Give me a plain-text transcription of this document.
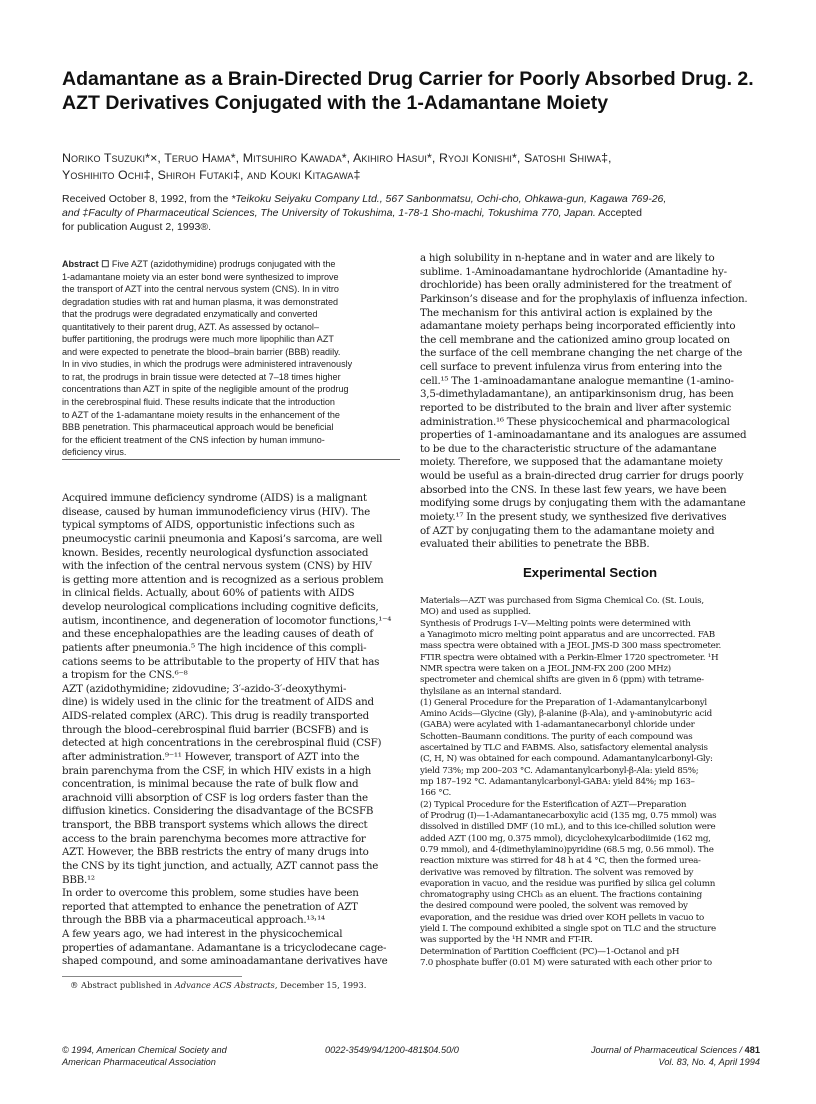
Adamantane as a Brain-Directed Drug Carrier for Poorly Absorbed Drug. 2.
AZT Derivatives Conjugated with the 1-Adamantane Moiety
Noriko Tsuzuki*×, Teruo Hama*, Mitsuhiro Kawada*, Akihiro Hasui*, Ryoji Konishi*, Satoshi Shiwa‡,
Yoshihito Ochi‡, Shiroh Futaki‡, and Kouki Kitagawa‡
Received October 8, 1992, from the *Teikoku Seiyaku Company Ltd., 567 Sanbonmatsu, Ochi-cho, Ohkawa-gun, Kagawa 769-26,
and ‡Faculty of Pharmaceutical Sciences, The University of Tokushima, 1-78-1 Sho-machi, Tokushima 770, Japan. Accepted
for publication August 2, 1993®.
Abstract ☐ Five AZT (azidothymidine) prodrugs conjugated with the
1-adamantane moiety via an ester bond were synthesized to improve
the transport of AZT into the central nervous system (CNS). In in vitro
degradation studies with rat and human plasma, it was demonstrated
that the prodrugs were degradated enzymatically and converted
quantitatively to their parent drug, AZT. As assessed by octanol–
buffer partitioning, the prodrugs were much more lipophilic than AZT
and were expected to penetrate the blood–brain barrier (BBB) readily.
In in vivo studies, in which the prodrugs were administered intravenously
to rat, the prodrugs in brain tissue were detected at 7–18 times higher
concentrations than AZT in spite of the negligible amount of the prodrug
in the cerebrospinal fluid. These results indicate that the introduction
to AZT of the 1-adamantane moiety results in the enhancement of the
BBB penetration. This pharmaceutical approach would be beneficial
for the efficient treatment of the CNS infection by human immuno-
deficiency virus.
Acquired immune deficiency syndrome (AIDS) is a malignant
disease, caused by human immunodeficiency virus (HIV). The
typical symptoms of AIDS, opportunistic infections such as
pneumocystic carinii pneumonia and Kaposi’s sarcoma, are well
known. Besides, recently neurological dysfunction associated
with the infection of the central nervous system (CNS) by HIV
is getting more attention and is recognized as a serious problem
in clinical fields. Actually, about 60% of patients with AIDS
develop neurological complications including cognitive deficits,
autism, incontinence, and degeneration of locomotor functions,¹⁻⁴
and these encephalopathies are the leading causes of death of
patients after pneumonia.⁵ The high incidence of this compli-
cations seems to be attributable to the property of HIV that has
a tropism for the CNS.⁶⁻⁸
AZT (azidothymidine; zidovudine; 3′-azido-3′-deoxythymi-
dine) is widely used in the clinic for the treatment of AIDS and
AIDS-related complex (ARC). This drug is readily transported
through the blood–cerebrospinal fluid barrier (BCSFB) and is
detected at high concentrations in the cerebrospinal fluid (CSF)
after administration.⁹⁻¹¹ However, transport of AZT into the
brain parenchyma from the CSF, in which HIV exists in a high
concentration, is minimal because the rate of bulk flow and
arachnoid villi absorption of CSF is log orders faster than the
diffusion kinetics. Considering the disadvantage of the BCSFB
transport, the BBB transport systems which allows the direct
access to the brain parenchyma becomes more attractive for
AZT. However, the BBB restricts the entry of many drugs into
the CNS by its tight junction, and actually, AZT cannot pass the
BBB.¹²
In order to overcome this problem, some studies have been
reported that attempted to enhance the penetration of AZT
through the BBB via a pharmaceutical approach.¹³˒¹⁴
A few years ago, we had interest in the physicochemical
properties of adamantane. Adamantane is a tricyclodecane cage-
shaped compound, and some aminoadamantane derivatives have
® Abstract published in Advance ACS Abstracts, December 15, 1993.
a high solubility in n-heptane and in water and are likely to
sublime. 1-Aminoadamantane hydrochloride (Amantadine hy-
drochloride) has been orally administered for the treatment of
Parkinson’s disease and for the prophylaxis of influenza infection.
The mechanism for this antiviral action is explained by the
adamantane moiety perhaps being incorporated efficiently into
the cell membrane and the cationized amino group located on
the surface of the cell membrane changing the net charge of the
cell surface to prevent infulenza virus from entering into the
cell.¹⁵ The 1-aminoadamantane analogue memantine (1-amino-
3,5-dimethyladamantane), an antiparkinsonism drug, has been
reported to be distributed to the brain and liver after systemic
administration.¹⁶ These physicochemical and pharmacological
properties of 1-aminoadamantane and its analogues are assumed
to be due to the characteristic structure of the adamantane
moiety. Therefore, we supposed that the adamantane moiety
would be useful as a brain-directed drug carrier for drugs poorly
absorbed into the CNS. In these last few years, we have been
modifying some drugs by conjugating them with the adamantane
moiety.¹⁷ In the present study, we synthesized five derivatives
of AZT by conjugating them to the adamantane moiety and
evaluated their abilities to penetrate the BBB.
Experimental Section
Materials—AZT was purchased from Sigma Chemical Co. (St. Louis,
MO) and used as supplied.
Synthesis of Prodrugs I–V—Melting points were determined with
a Yanagimoto micro melting point apparatus and are uncorrected. FAB
mass spectra were obtained with a JEOL JMS-D 300 mass spectrometer.
FTIR spectra were obtained with a Perkin-Elmer 1720 spectrometer. ¹H
NMR spectra were taken on a JEOL JNM-FX 200 (200 MHz)
spectrometer and chemical shifts are given in δ (ppm) with tetrame-
thylsilane as an internal standard.
(1) General Procedure for the Preparation of 1-Adamantanylcarbonyl
Amino Acids—Glycine (Gly), β-alanine (β-Ala), and γ-aminobutyric acid
(GABA) were acylated with 1-adamantanecarbonyl chloride under
Schotten–Baumann conditions. The purity of each compound was
ascertained by TLC and FABMS. Also, satisfactory elemental analysis
(C, H, N) was obtained for each compound. Adamantanylcarbonyl-Gly:
yield 73%; mp 200–203 °C. Adamantanylcarbonyl-β-Ala: yield 85%;
mp 187–192 °C. Adamantanylcarbonyl-GABA: yield 84%; mp 163–
166 °C.
(2) Typical Procedure for the Esterification of AZT—Preparation
of Prodrug (I)—1-Adamantanecarboxylic acid (135 mg, 0.75 mmol) was
dissolved in distilled DMF (10 mL), and to this ice-chilled solution were
added AZT (100 mg, 0.375 mmol), dicyclohexylcarbodiimide (162 mg,
0.79 mmol), and 4-(dimethylamino)pyridine (68.5 mg, 0.56 mmol). The
reaction mixture was stirred for 48 h at 4 °C, then the formed urea-
derivative was removed by filtration. The solvent was removed by
evaporation in vacuo, and the residue was purified by silica gel column
chromatography using CHCl₃ as an eluent. The fractions containing
the desired compound were pooled, the solvent was removed by
evaporation, and the residue was dried over KOH pellets in vacuo to
yield I. The compound exhibited a single spot on TLC and the structure
was supported by the ¹H NMR and FT-IR.
Determination of Partition Coefficient (PC)—1-Octanol and pH
7.0 phosphate buffer (0.01 M) were saturated with each other prior to
© 1994, American Chemical Society and
American Pharmaceutical Association
0022-3549/94/1200-481$04.50/0	Journal of Pharmaceutical Sciences / 481
Vol. 83, No. 4, April 1994
